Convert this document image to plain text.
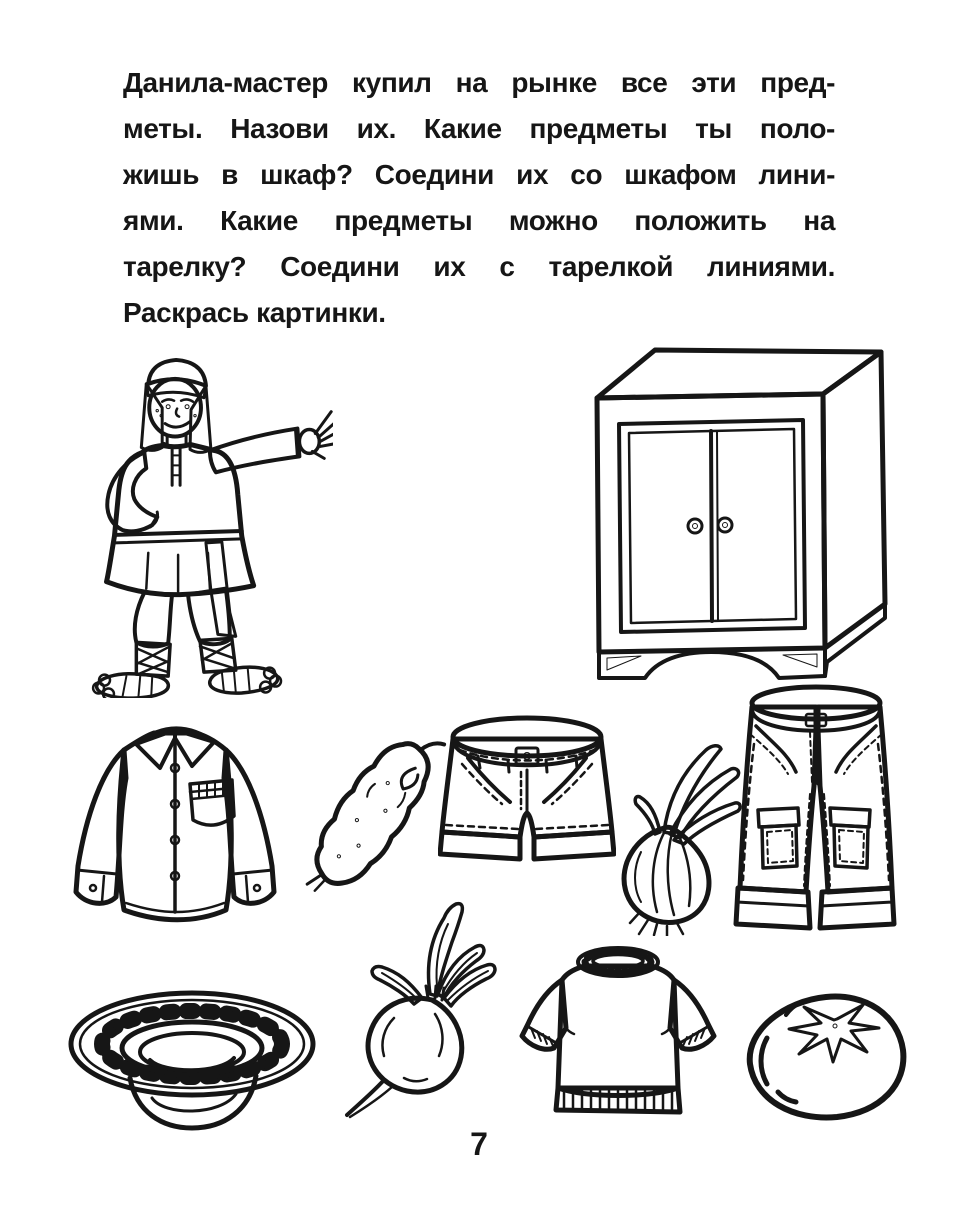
Данила-мастер купил на рынке все эти пред-
меты. Назови их. Какие предметы ты поло-
жишь в шкаф? Соедини их со шкафом лини-
ями. Какие предметы можно положить на
тарелку? Соедини их с тарелкой линиями.
Раскрась картинки.
7
